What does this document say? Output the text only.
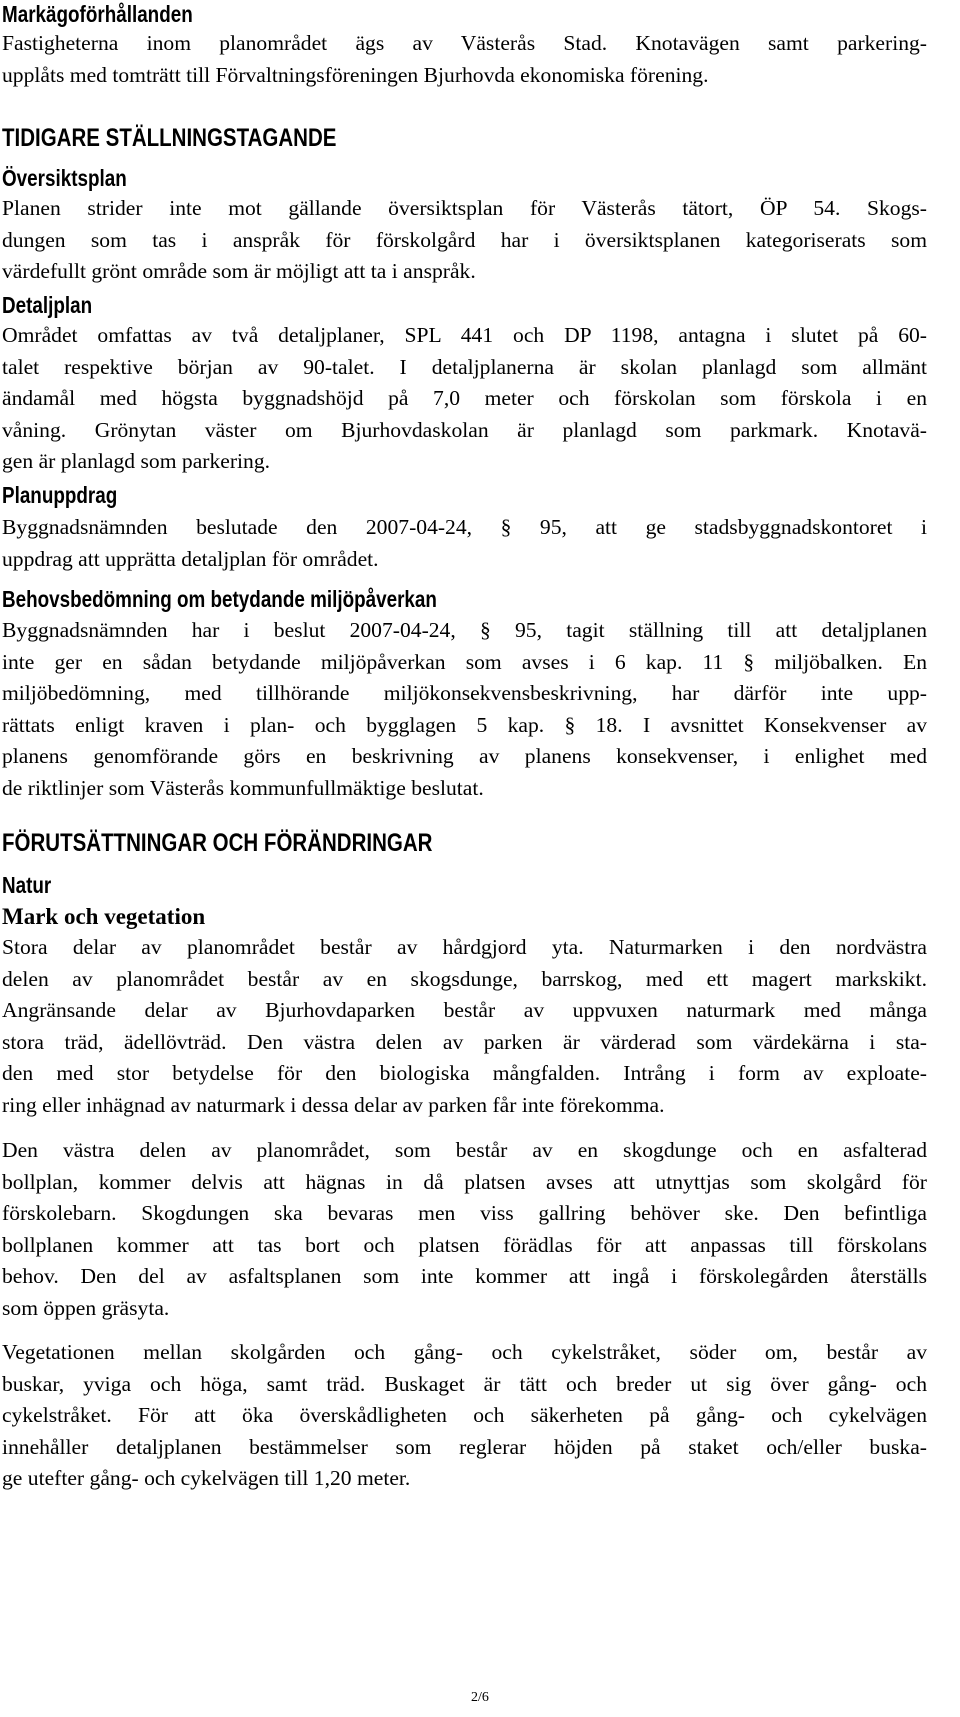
Markägoförhållanden
Fastigheterna inom planområdet ägs av Västerås Stad. Knotavägen samt parkering-
upplåts med tomträtt till Förvaltningsföreningen Bjurhovda ekonomiska förening.
TIDIGARE STÄLLNINGSTAGANDE
Översiktsplan
Planen strider inte mot gällande översiktsplan för Västerås tätort, ÖP 54. Skogs-
dungen som tas i anspråk för förskolgård har i översiktsplanen kategoriserats som
värdefullt grönt område som är möjligt att ta i anspråk.
Detaljplan
Området omfattas av två detaljplaner, SPL 441 och DP 1198, antagna i slutet på 60-
talet respektive början av 90-talet. I detaljplanerna är skolan planlagd som allmänt
ändamål med högsta byggnadshöjd på 7,0 meter och förskolan som förskola i en
våning. Grönytan väster om Bjurhovdaskolan är planlagd som parkmark. Knotavä-
gen är planlagd som parkering.
Planuppdrag
Byggnadsnämnden beslutade den 2007-04-24, § 95, att ge stadsbyggnadskontoret i
uppdrag att upprätta detaljplan för området.
Behovsbedömning om betydande miljöpåverkan
Byggnadsnämnden har i beslut 2007-04-24, § 95, tagit ställning till att detaljplanen
inte ger en sådan betydande miljöpåverkan som avses i 6 kap. 11 § miljöbalken. En
miljöbedömning, med tillhörande miljökonsekvensbeskrivning, har därför inte upp-
rättats enligt kraven i plan- och bygglagen 5 kap. § 18. I avsnittet Konsekvenser av
planens genomförande görs en beskrivning av planens konsekvenser, i enlighet med
de riktlinjer som Västerås kommunfullmäktige beslutat.
FÖRUTSÄTTNINGAR OCH FÖRÄNDRINGAR
Natur
Mark och vegetation
Stora delar av planområdet består av hårdgjord yta. Naturmarken i den nordvästra
delen av planområdet består av en skogsdunge, barrskog, med ett magert markskikt.
Angränsande delar av Bjurhovdaparken består av uppvuxen naturmark med många
stora träd, ädellövträd. Den västra delen av parken är värderad som värdekärna i sta-
den med stor betydelse för den biologiska mångfalden. Intrång i form av exploate-
ring eller inhägnad av naturmark i dessa delar av parken får inte förekomma.
Den västra delen av planområdet, som består av en skogdunge och en asfalterad
bollplan, kommer delvis att hägnas in då platsen avses att utnyttjas som skolgård för
förskolebarn. Skogdungen ska bevaras men viss gallring behöver ske. Den befintliga
bollplanen kommer att tas bort och platsen förädlas för att anpassas till förskolans
behov. Den del av asfaltsplanen som inte kommer att ingå i förskolegården återställs
som öppen gräsyta.
Vegetationen mellan skolgården och gång- och cykelstråket, söder om, består av
buskar, yviga och höga, samt träd. Buskaget är tätt och breder ut sig över gång- och
cykelstråket. För att öka överskådligheten och säkerheten på gång- och cykelvägen
innehåller detaljplanen bestämmelser som reglerar höjden på staket och/eller buska-
ge utefter gång- och cykelvägen till 1,20 meter.

2/6
